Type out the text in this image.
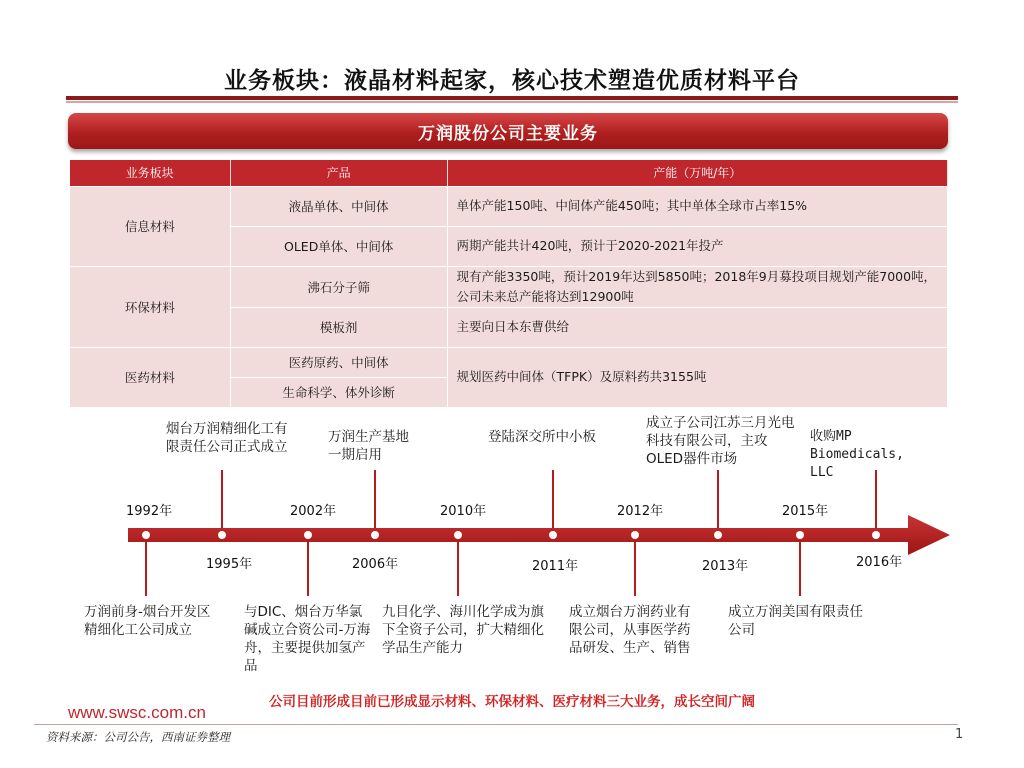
业务板块：液晶材料起家，核心技术塑造优质材料平台
万润股份公司主要业务
业务板块	产品	产能（万吨/年）
信息材料	液晶单体、中间体	单体产能150吨、中间体产能450吨；其中单体全球市占率15%
	OLED单体、中间体	两期产能共计420吨，预计于2020-2021年投产
环保材料	沸石分子筛	现有产能3350吨，预计2019年达到5850吨；2018年9月募投项目规划产能7000吨，公司未来总产能将达到12900吨
	模板剂	主要向日本东曹供给
医药材料	医药原药、中间体	规划医药中间体（TFPK）及原料药共3155吨
	生命科学、体外诊断	
1992年
1995年
2002年
2006年
2010年
2011年
2012年
2013年
2015年
2016年
烟台万润精细化工有限责任公司正式成立
万润生产基地一期启用
登陆深交所中小板
成立子公司江苏三月光电科技有限公司，主攻OLED器件市场
收购MP Biomedicals, LLC
万润前身-烟台开发区精细化工公司成立
与DIC、烟台万华氯碱成立合资公司-万海舟，主要提供加氢产品
九目化学、海川化学成为旗下全资子公司，扩大精细化学品生产能力
成立烟台万润药业有限公司，从事医学药品研发、生产、销售
成立万润美国有限责任公司
公司目前形成目前已形成显示材料、环保材料、医疗材料三大业务，成长空间广阔
www.swsc.com.cn
资料来源：公司公告，西南证券整理	1
